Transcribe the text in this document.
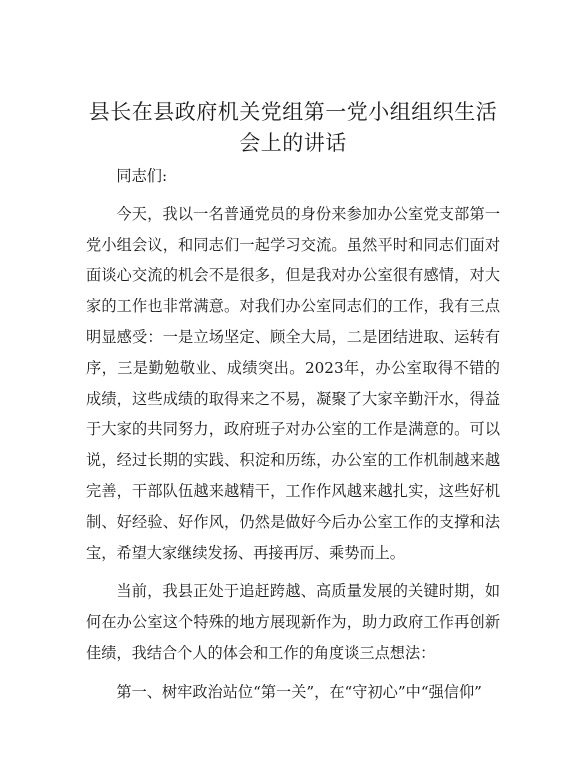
县长在县政府机关党组第一党小组组织生活会上的讲话

同志们:

今天，我以一名普通党员的身份来参加办公室党支部第一党小组会议，和同志们一起学习交流。虽然平时和同志们面对面谈心交流的机会不是很多，但是我对办公室很有感情，对大家的工作也非常满意。对我们办公室同志们的工作，我有三点明显感受：一是立场坚定、顾全大局，二是团结进取、运转有序，三是勤勉敬业、成绩突出。2023年，办公室取得不错的成绩，这些成绩的取得来之不易，凝聚了大家辛勤汗水，得益于大家的共同努力，政府班子对办公室的工作是满意的。可以说，经过长期的实践、积淀和历练，办公室的工作机制越来越完善，干部队伍越来越精干，工作作风越来越扎实，这些好机制、好经验、好作风，仍然是做好今后办公室工作的支撑和法宝，希望大家继续发扬、再接再厉、乘势而上。

当前，我县正处于追赶跨越、高质量发展的关键时期，如何在办公室这个特殊的地方展现新作为，助力政府工作再创新佳绩，我结合个人的体会和工作的角度谈三点想法：

第一、树牢政治站位“第一关”，在“守初心”中“强信仰”
